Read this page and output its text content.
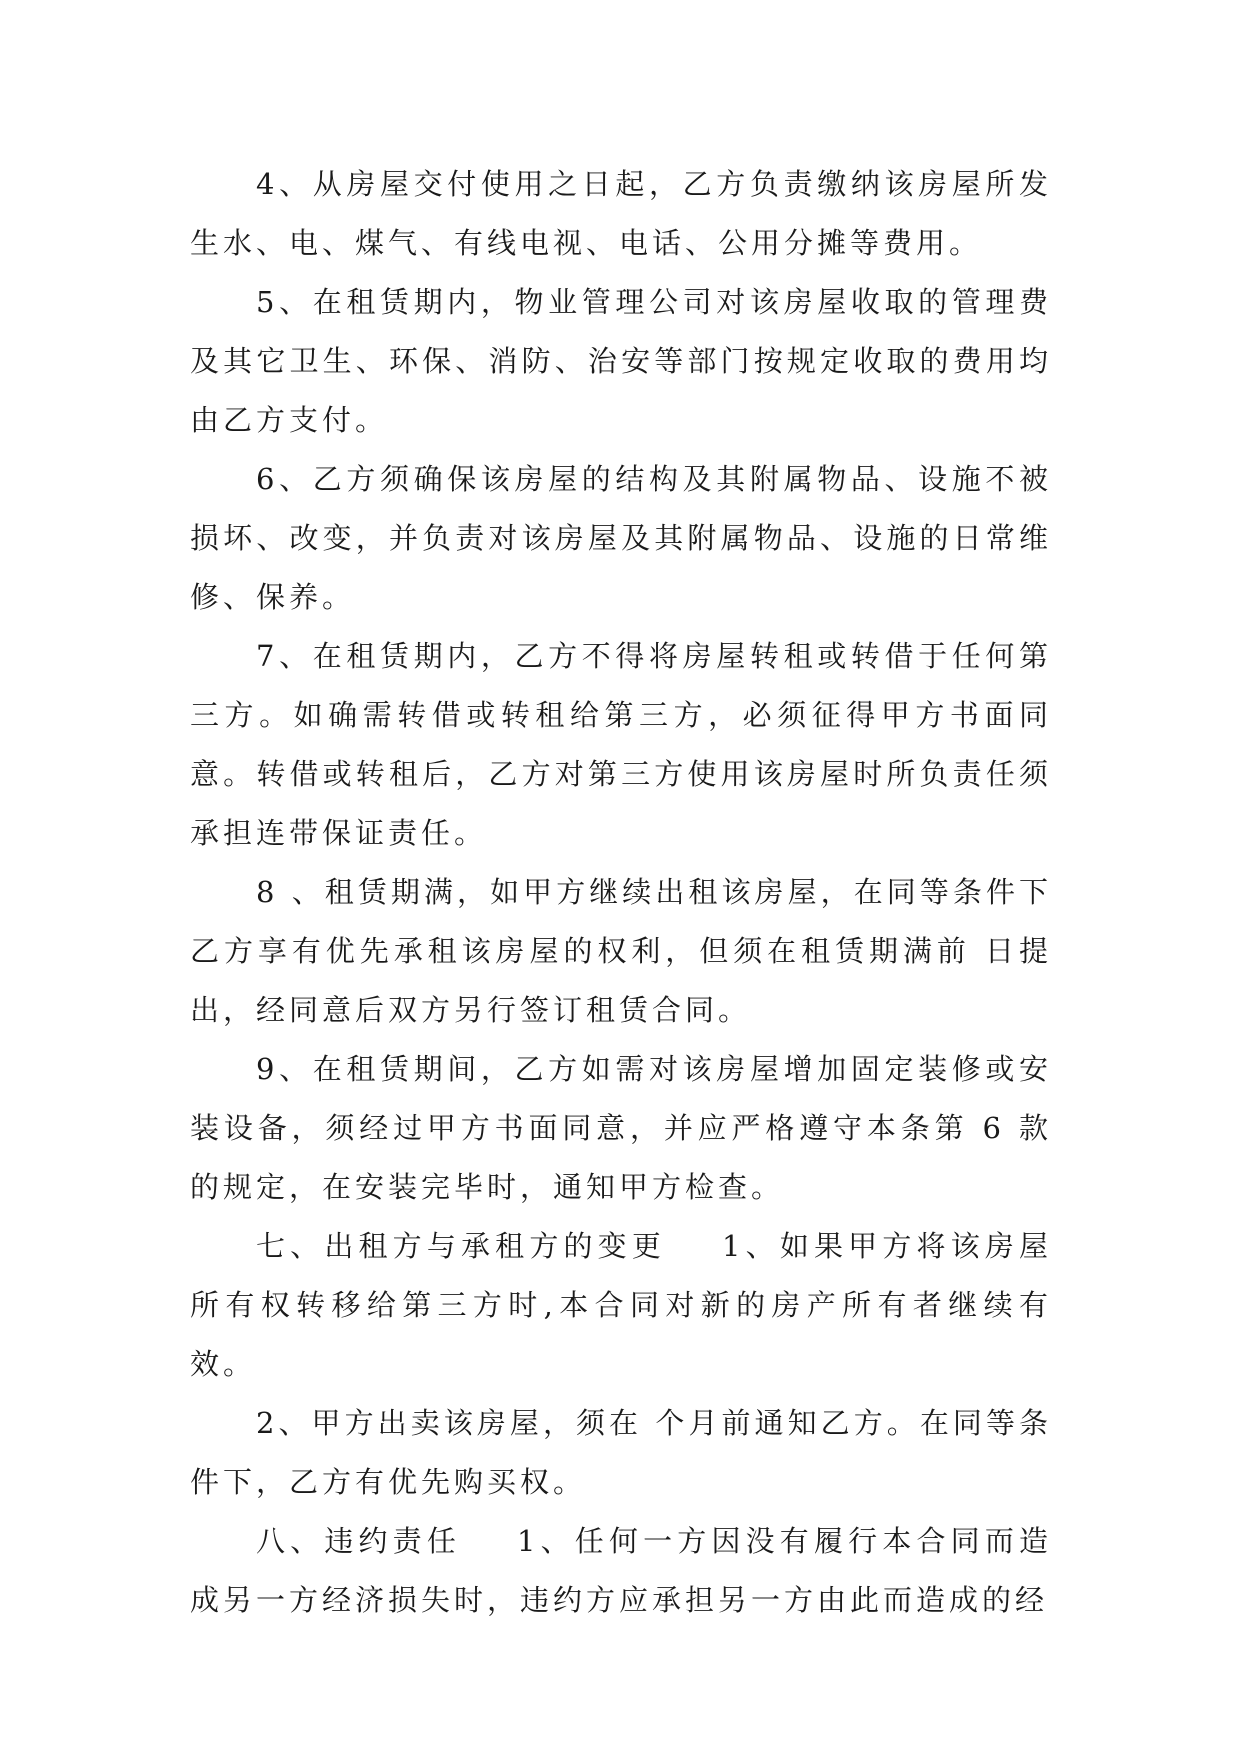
4、从房屋交付使用之日起，乙方负责缴纳该房屋所发生水、电、煤气、有线电视、电话、公用分摊等费用。

5、在租赁期内，物业管理公司对该房屋收取的管理费及其它卫生、环保、消防、治安等部门按规定收取的费用均由乙方支付。

6、乙方须确保该房屋的结构及其附属物品、设施不被损坏、改变，并负责对该房屋及其附属物品、设施的日常维修、保养。

7、在租赁期内，乙方不得将房屋转租或转借于任何第三方。如确需转借或转租给第三方，必须征得甲方书面同意。转借或转租后，乙方对第三方使用该房屋时所负责任须承担连带保证责任。

8 、租赁期满，如甲方继续出租该房屋，在同等条件下乙方享有优先承租该房屋的权利，但须在租赁期满前 日提出，经同意后双方另行签订租赁合同。

9、在租赁期间，乙方如需对该房屋增加固定装修或安装设备，须经过甲方书面同意，并应严格遵守本条第 6 款的规定，在安装完毕时，通知甲方检查。

七、出租方与承租方的变更 1、如果甲方将该房屋所有权转移给第三方时,本合同对新的房产所有者继续有效。

2、甲方出卖该房屋，须在 个月前通知乙方。在同等条件下，乙方有优先购买权。

八、违约责任 1、任何一方因没有履行本合同而造成另一方经济损失时，违约方应承担另一方由此而造成的经
